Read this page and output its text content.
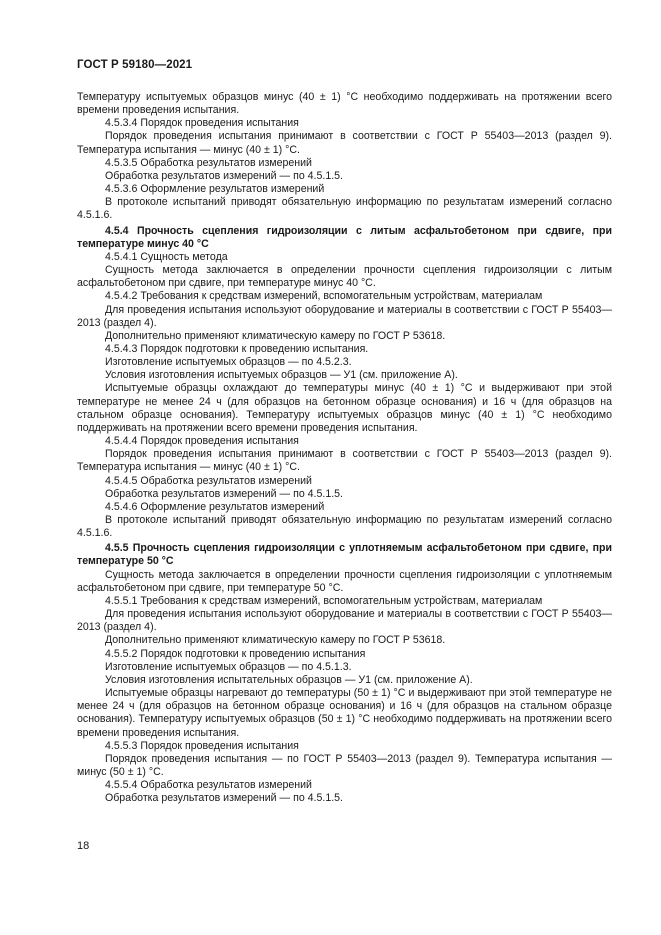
ГОСТ Р 59180—2021

Температуру испытуемых образцов минус (40 ± 1) °С необходимо поддерживать на протяжении всего времени проведения испытания.

4.5.3.4 Порядок проведения испытания

Порядок проведения испытания принимают в соответствии с ГОСТ Р 55403—2013 (раздел 9). Температура испытания — минус (40 ± 1) °С.

4.5.3.5 Обработка результатов измерений

Обработка результатов измерений — по 4.5.1.5.

4.5.3.6 Оформление результатов измерений

В протоколе испытаний приводят обязательную информацию по результатам измерений согласно 4.5.1.6.

4.5.4 Прочность сцепления гидроизоляции с литым асфальтобетоном при сдвиге, при температуре минус 40 °С

4.5.4.1 Сущность метода

Сущность метода заключается в определении прочности сцепления гидроизоляции с литым асфальтобетоном при сдвиге, при температуре минус 40 °С.

4.5.4.2 Требования к средствам измерений, вспомогательным устройствам, материалам

Для проведения испытания используют оборудование и материалы в соответствии с ГОСТ Р 55403—2013 (раздел 4).

Дополнительно применяют климатическую камеру по ГОСТ Р 53618.

4.5.4.3 Порядок подготовки к проведению испытания.

Изготовление испытуемых образцов — по 4.5.2.3.

Условия изготовления испытуемых образцов — У1 (см. приложение А).

Испытуемые образцы охлаждают до температуры минус (40 ± 1) °С и выдерживают при этой температуре не менее 24 ч (для образцов на бетонном образце основания) и 16 ч (для образцов на стальном образце основания). Температуру испытуемых образцов минус (40 ± 1) °С необходимо поддерживать на протяжении всего времени проведения испытания.

4.5.4.4 Порядок проведения испытания

Порядок проведения испытания принимают в соответствии с ГОСТ Р 55403—2013 (раздел 9). Температура испытания — минус (40 ± 1) °С.

4.5.4.5 Обработка результатов измерений

Обработка результатов измерений — по 4.5.1.5.

4.5.4.6 Оформление результатов измерений

В протоколе испытаний приводят обязательную информацию по результатам измерений согласно 4.5.1.6.

4.5.5 Прочность сцепления гидроизоляции с уплотняемым асфальтобетоном при сдвиге, при температуре 50 °С

Сущность метода заключается в определении прочности сцепления гидроизоляции с уплотняемым асфальтобетоном при сдвиге, при температуре 50 °С.

4.5.5.1 Требования к средствам измерений, вспомогательным устройствам, материалам

Для проведения испытания используют оборудование и материалы в соответствии с ГОСТ Р 55403—2013 (раздел 4).

Дополнительно применяют климатическую камеру по ГОСТ Р 53618.

4.5.5.2 Порядок подготовки к проведению испытания

Изготовление испытуемых образцов — по 4.5.1.3.

Условия изготовления испытательных образцов — У1 (см. приложение А).

Испытуемые образцы нагревают до температуры (50 ± 1) °С и выдерживают при этой температуре не менее 24 ч (для образцов на бетонном образце основания) и 16 ч (для образцов на стальном образце основания). Температуру испытуемых образцов (50 ± 1) °С необходимо поддерживать на протяжении всего времени проведения испытания.

4.5.5.3 Порядок проведения испытания

Порядок проведения испытания — по ГОСТ Р 55403—2013 (раздел 9). Температура испытания — минус (50 ± 1) °С.

4.5.5.4 Обработка результатов измерений

Обработка результатов измерений — по 4.5.1.5.

18
